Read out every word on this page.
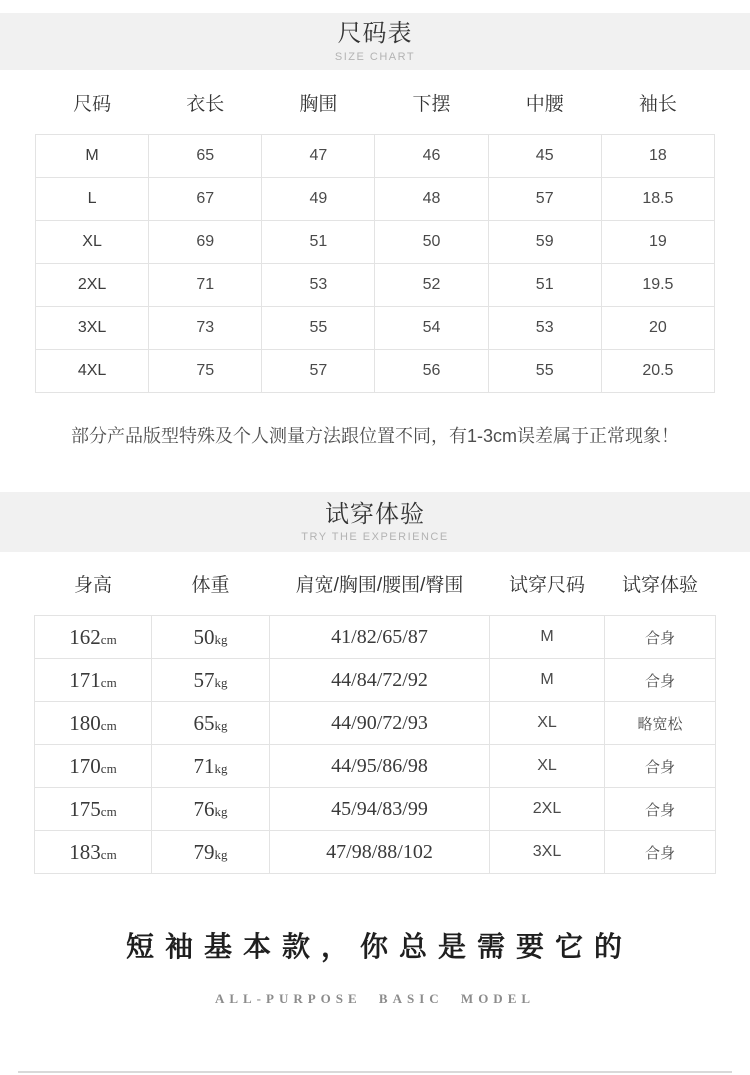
尺码表
SIZE CHART
尺码	衣长	胸围	下摆	中腰	袖长
M	65	47	46	45	18
L	67	49	48	57	18.5
XL	69	51	50	59	19
2XL	71	53	52	51	19.5
3XL	73	55	54	53	20
4XL	75	57	56	55	20.5
部分产品版型特殊及个人测量方法跟位置不同，有1-3cm误差属于正常现象！
试穿体验
TRY THE EXPERIENCE
身高	体重	肩宽/胸围/腰围/臀围	试穿尺码	试穿体验
162cm	50kg	41/82/65/87	M	合身
171cm	57kg	44/84/72/92	M	合身
180cm	65kg	44/90/72/93	XL	略宽松
170cm	71kg	44/95/86/98	XL	合身
175cm	76kg	45/94/83/99	2XL	合身
183cm	79kg	47/98/88/102	3XL	合身
短 袖 基 本 款 ， 你 总 是 需 要 它 的
ALL-PURPOSE BASIC MODEL
